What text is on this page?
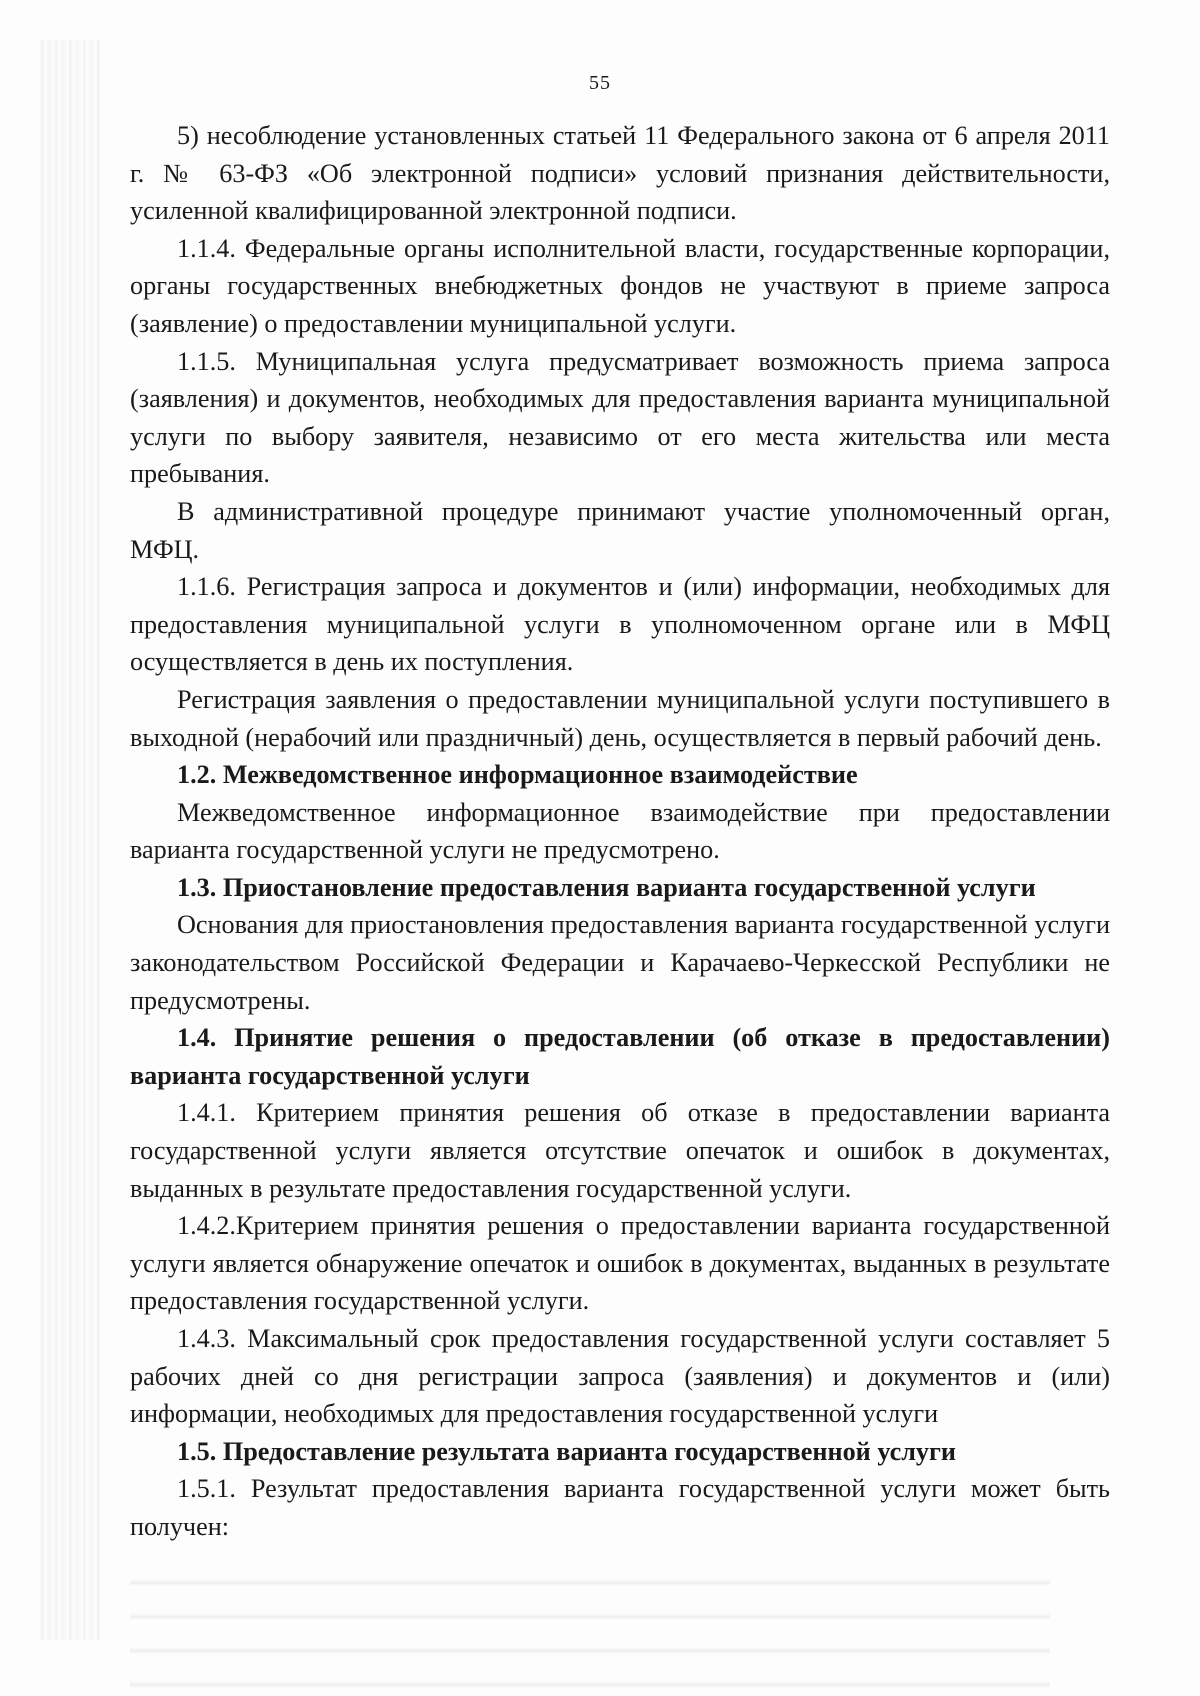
55

5) несоблюдение установленных статьей 11 Федерального закона от 6 апреля 2011 г. № 63-ФЗ «Об электронной подписи» условий признания действительности, усиленной квалифицированной электронной подписи.

1.1.4. Федеральные органы исполнительной власти, государственные корпорации, органы государственных внебюджетных фондов не участвуют в приеме запроса (заявление) о предоставлении муниципальной услуги.

1.1.5. Муниципальная услуга предусматривает возможность приема запроса (заявления) и документов, необходимых для предоставления варианта муниципальной услуги по выбору заявителя, независимо от его места жительства или места пребывания.

В административной процедуре принимают участие уполномоченный орган, МФЦ.

1.1.6. Регистрация запроса и документов и (или) информации, необходимых для предоставления муниципальной услуги в уполномоченном органе или в МФЦ осуществляется в день их поступления.

Регистрация заявления о предоставлении муниципальной услуги поступившего в выходной (нерабочий или праздничный) день, осуществляется в первый рабочий день.

1.2. Межведомственное информационное взаимодействие

Межведомственное информационное взаимодействие при предоставлении варианта государственной услуги не предусмотрено.

1.3. Приостановление предоставления варианта государственной услуги

Основания для приостановления предоставления варианта государственной услуги законодательством Российской Федерации и Карачаево-Черкесской Республики не предусмотрены.

1.4. Принятие решения о предоставлении (об отказе в предоставлении) варианта государственной услуги

1.4.1. Критерием принятия решения об отказе в предоставлении варианта государственной услуги является отсутствие опечаток и ошибок в документах, выданных в результате предоставления государственной услуги.

1.4.2.Критерием принятия решения о предоставлении варианта государственной услуги является обнаружение опечаток и ошибок в документах, выданных в результате предоставления государственной услуги.

1.4.3. Максимальный срок предоставления государственной услуги составляет 5 рабочих дней со дня регистрации запроса (заявления) и документов и (или) информации, необходимых для предоставления государственной услуги

1.5. Предоставление результата варианта государственной услуги

1.5.1. Результат предоставления варианта государственной услуги может быть получен:
